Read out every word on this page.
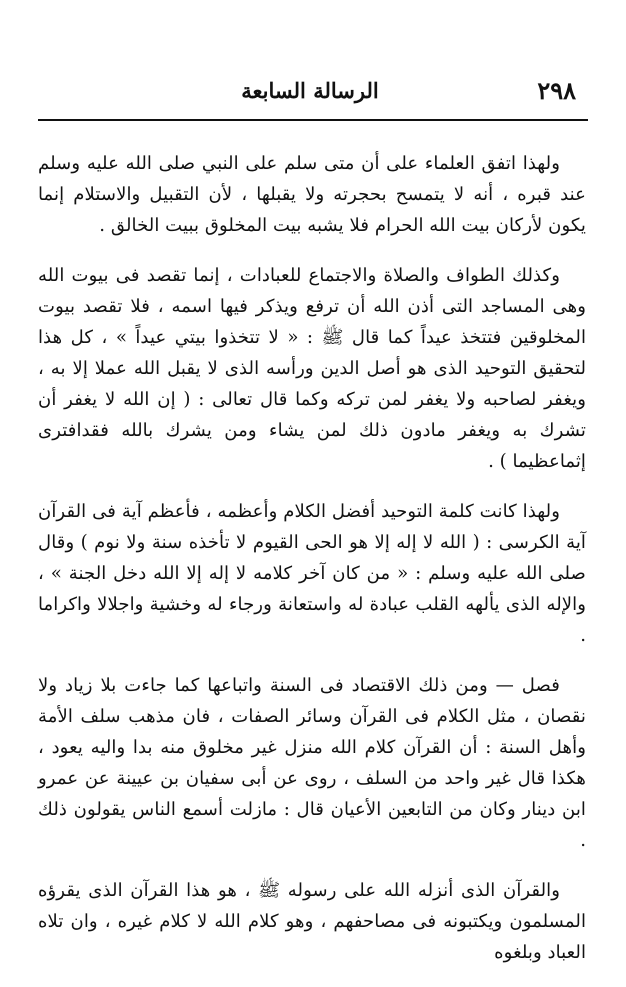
٢٩٨
الرسالة السابعة

ولهذا اتفق العلماء على أن متى سلم على النبي صلى الله عليه وسلم عند قبره ، أنه لا يتمسح بحجرته ولا يقبلها ، لأن التقبيل والاستلام إنما يكون لأركان بيت الله الحرام فلا يشبه بيت المخلوق ببيت الخالق .

وكذلك الطواف والصلاة والاجتماع للعبادات ، إنما تقصد فى بيوت الله وهى المساجد التى أذن الله أن ترفع ويذكر فيها اسمه ، فلا تقصد بيوت المخلوقين فتتخذ عيداً كما قال ﷺ : « لا تتخذوا بيتي عيداً » ، كل هذا لتحقيق التوحيد الذى هو أصل الدين ورأسه الذى لا يقبل الله عملا إلا به ، ويغفر لصاحبه ولا يغفر لمن تركه وكما قال تعالى : ( إن الله لا يغفر أن تشرك به ويغفر مادون ذلك لمن يشاء ومن يشرك بالله فقدافترى إثماعظيما ) .

ولهذا كانت كلمة التوحيد أفضل الكلام وأعظمه ، فأعظم آية فى القرآن آية الكرسى : ( الله لا إله إلا هو الحى القيوم لا تأخذه سنة ولا نوم ) وقال صلى الله عليه وسلم : « من كان آخر كلامه لا إله إلا الله دخل الجنة » ، والإله الذى يألهه القلب عبادة له واستعانة ورجاء له وخشية واجلالا واكراما .

فصل — ومن ذلك الاقتصاد فى السنة واتباعها كما جاءت بلا زياد ولا نقصان ، مثل الكلام فى القرآن وسائر الصفات ، فان مذهب سلف الأمة وأهل السنة : أن القرآن كلام الله منزل غير مخلوق منه بدا واليه يعود ، هكذا قال غير واحد من السلف ، روى عن أبى سفيان بن عيينة عن عمرو ابن دينار وكان من التابعين الأعيان قال : مازلت أسمع الناس يقولون ذلك .

والقرآن الذى أنزله الله على رسوله ﷺ ، هو هذا القرآن الذى يقرؤه المسلمون ويكتبونه فى مصاحفهم ، وهو كلام الله لا كلام غيره ، وان تلاه العباد وبلغوه
